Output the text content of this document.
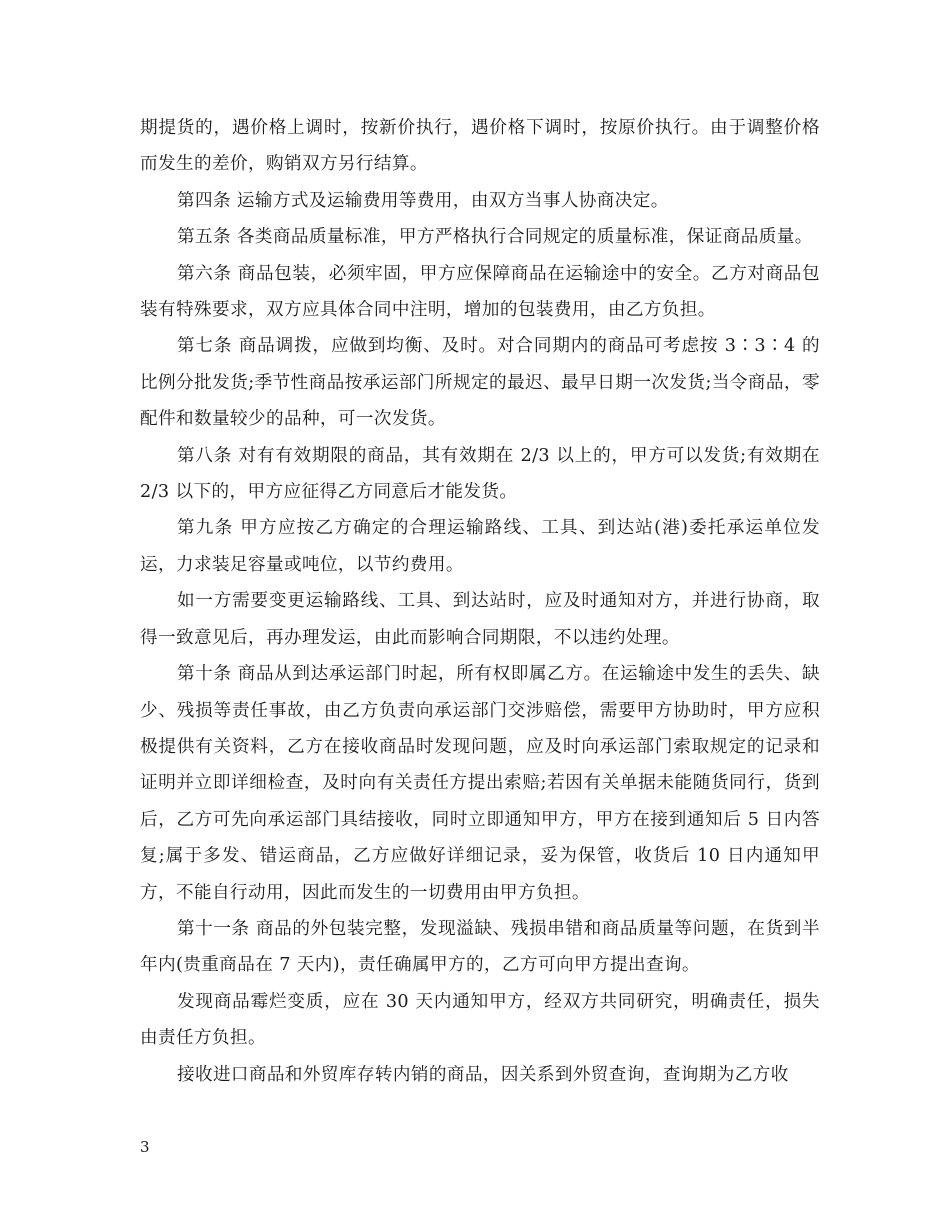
期提货的，遇价格上调时，按新价执行，遇价格下调时，按原价执行。由于调整价格而发生的差价，购销双方另行结算。

第四条 运输方式及运输费用等费用，由双方当事人协商决定。

第五条 各类商品质量标准，甲方严格执行合同规定的质量标准，保证商品质量。

第六条 商品包装，必须牢固，甲方应保障商品在运输途中的安全。乙方对商品包装有特殊要求，双方应具体合同中注明，增加的包装费用，由乙方负担。

第七条 商品调拨，应做到均衡、及时。对合同期内的商品可考虑按 3∶3∶4 的比例分批发货;季节性商品按承运部门所规定的最迟、最早日期一次发货;当令商品，零配件和数量较少的品种，可一次发货。

第八条 对有有效期限的商品，其有效期在 2/3 以上的，甲方可以发货;有效期在 2/3 以下的，甲方应征得乙方同意后才能发货。

第九条 甲方应按乙方确定的合理运输路线、工具、到达站(港)委托承运单位发运，力求装足容量或吨位，以节约费用。

如一方需要变更运输路线、工具、到达站时，应及时通知对方，并进行协商，取得一致意见后，再办理发运，由此而影响合同期限，不以违约处理。

第十条 商品从到达承运部门时起，所有权即属乙方。在运输途中发生的丢失、缺少、残损等责任事故，由乙方负责向承运部门交涉赔偿，需要甲方协助时，甲方应积极提供有关资料，乙方在接收商品时发现问题，应及时向承运部门索取规定的记录和证明并立即详细检查，及时向有关责任方提出索赔;若因有关单据未能随货同行，货到后，乙方可先向承运部门具结接收，同时立即通知甲方，甲方在接到通知后 5 日内答复;属于多发、错运商品，乙方应做好详细记录，妥为保管，收货后 10 日内通知甲方，不能自行动用，因此而发生的一切费用由甲方负担。

第十一条 商品的外包装完整，发现溢缺、残损串错和商品质量等问题，在货到半年内(贵重商品在 7 天内)，责任确属甲方的，乙方可向甲方提出查询。

发现商品霉烂变质，应在 30 天内通知甲方，经双方共同研究，明确责任，损失由责任方负担。

接收进口商品和外贸库存转内销的商品，因关系到外贸查询，查询期为乙方收

3
